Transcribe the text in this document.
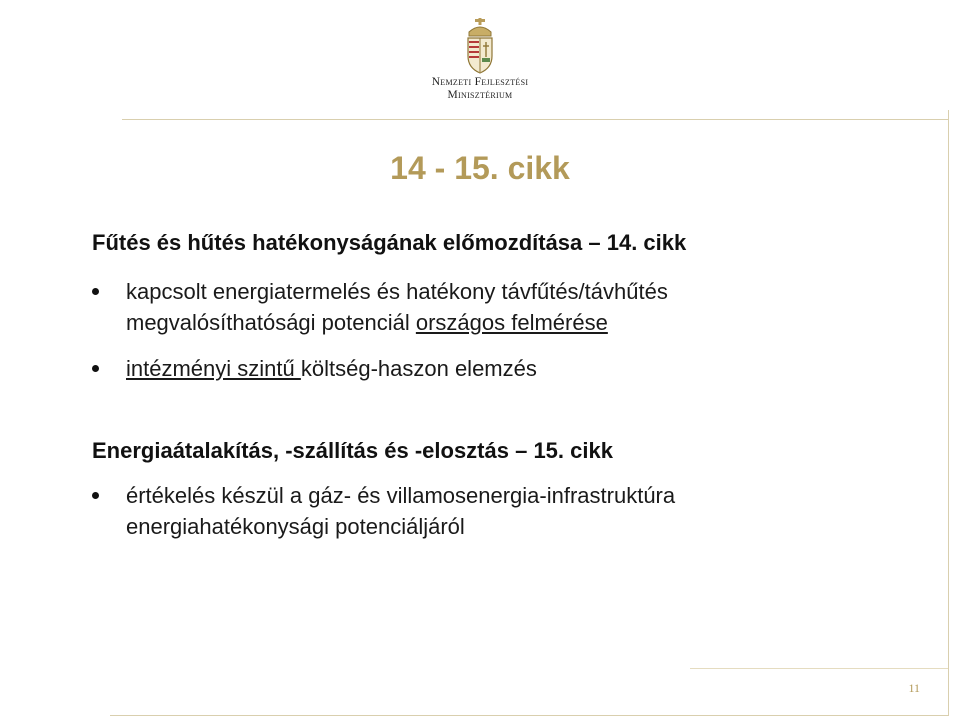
Nemzeti Fejlesztési
Minisztérium
14 - 15. cikk
Fűtés és hűtés hatékonyságának előmozdítása – 14. cikk
kapcsolt energiatermelés és hatékony távfűtés/távhűtés
megvalósíthatósági potenciál országos felmérése
intézményi szintű költség-haszon elemzés
Energiaátalakítás, -szállítás és -elosztás – 15. cikk
értékelés készül a gáz- és villamosenergia-infrastruktúra
energiahatékonysági potenciáljáról
11
